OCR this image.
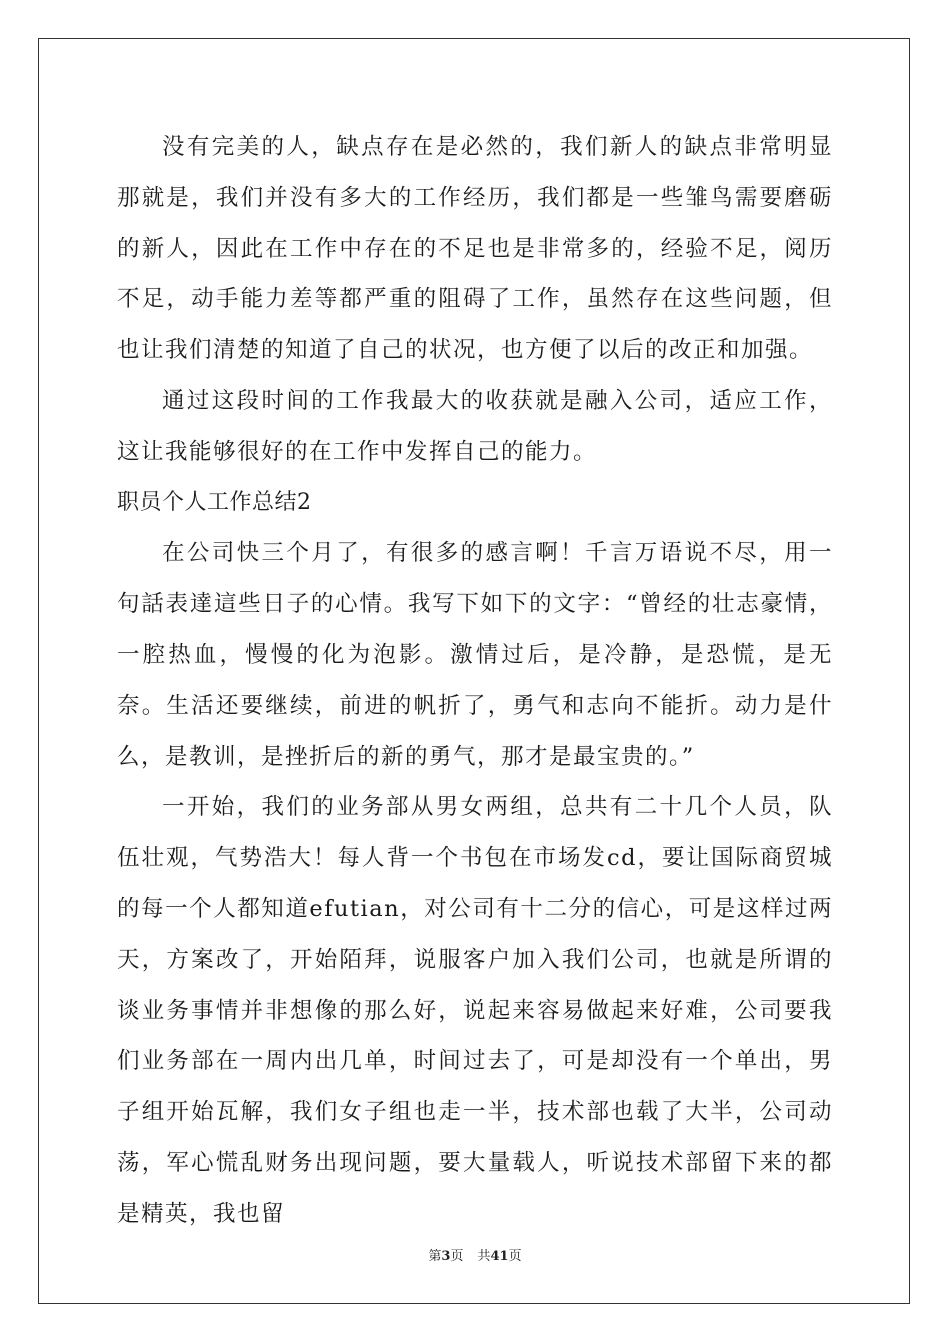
没有完美的人，缺点存在是必然的，我们新人的缺点非常明显那就是，我们并没有多大的工作经历，我们都是一些雏鸟需要磨砺的新人，因此在工作中存在的不足也是非常多的，经验不足，阅历不足，动手能力差等都严重的阻碍了工作，虽然存在这些问题，但也让我们清楚的知道了自己的状况，也方便了以后的改正和加强。

通过这段时间的工作我最大的收获就是融入公司，适应工作，这让我能够很好的在工作中发挥自己的能力。

职员个人工作总结2

在公司快三个月了，有很多的感言啊！千言万语说不尽，用一句話表達這些日子的心情。我写下如下的文字：“曾经的壮志豪情，一腔热血，慢慢的化为泡影。激情过后，是冷静，是恐慌，是无奈。生活还要继续，前进的帆折了，勇气和志向不能折。动力是什么，是教训，是挫折后的新的勇气，那才是最宝贵的。”

一开始，我们的业务部从男女两组，总共有二十几个人员，队伍壮观，气势浩大！每人背一个书包在市场发cd，要让国际商贸城的每一个人都知道efutian，对公司有十二分的信心，可是这样过两天，方案改了，开始陌拜，说服客户加入我们公司，也就是所谓的谈业务事情并非想像的那么好，说起来容易做起来好难，公司要我们业务部在一周内出几单，时间过去了，可是却没有一个单出，男子组开始瓦解，我们女子组也走一半，技术部也载了大半，公司动荡，军心慌乱财务出现问题，要大量载人，听说技术部留下来的都是精英，我也留

第3页 共41页
